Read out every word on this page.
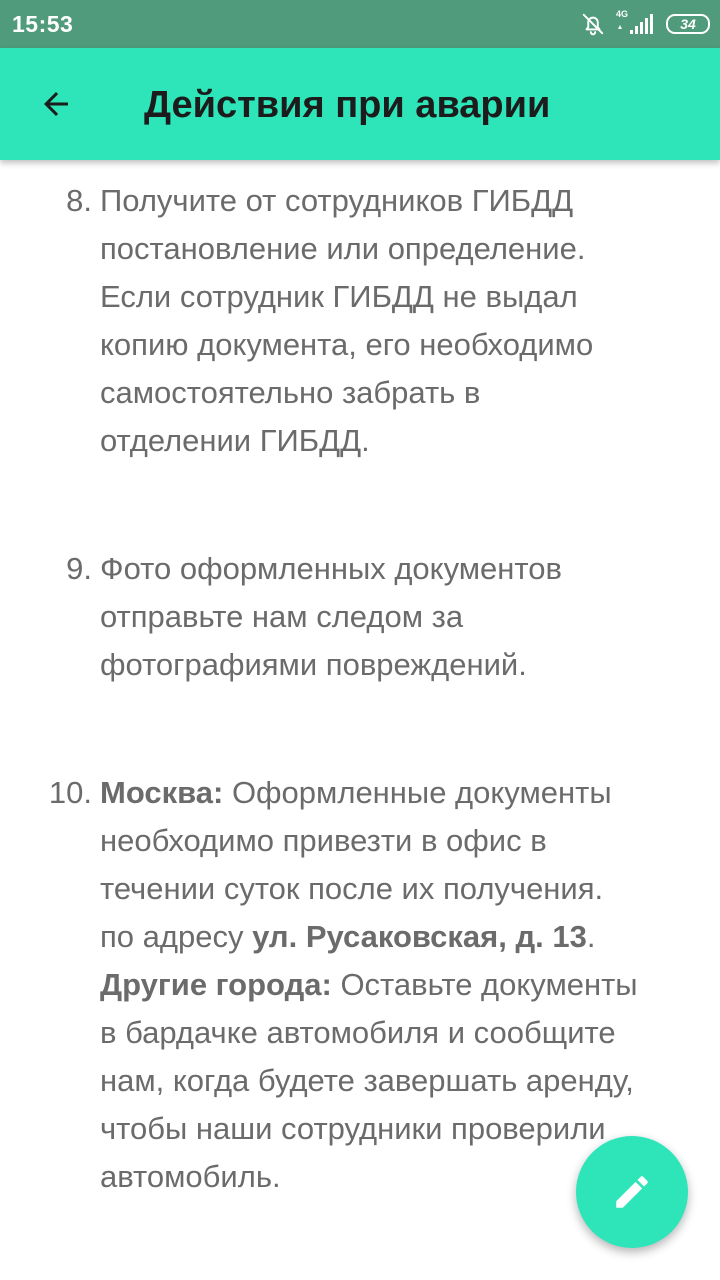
15:53	4G
34
Действия при аварии
8. Получите от сотрудников ГИБДД
постановление или определение.
Если сотрудник ГИБДД не выдал
копию документа, его необходимо
самостоятельно забрать в
отделении ГИБДД.
9. Фото оформленных документов
отправьте нам следом за
фотографиями повреждений.
10. Москва: Оформленные документы
необходимо привезти в офис в
течении суток после их получения.
по адресу ул. Русаковская, д. 13.
Другие города: Оставьте документы
в бардачке автомобиля и сообщите
нам, когда будете завершать аренду,
чтобы наши сотрудники проверили
автомобиль.
